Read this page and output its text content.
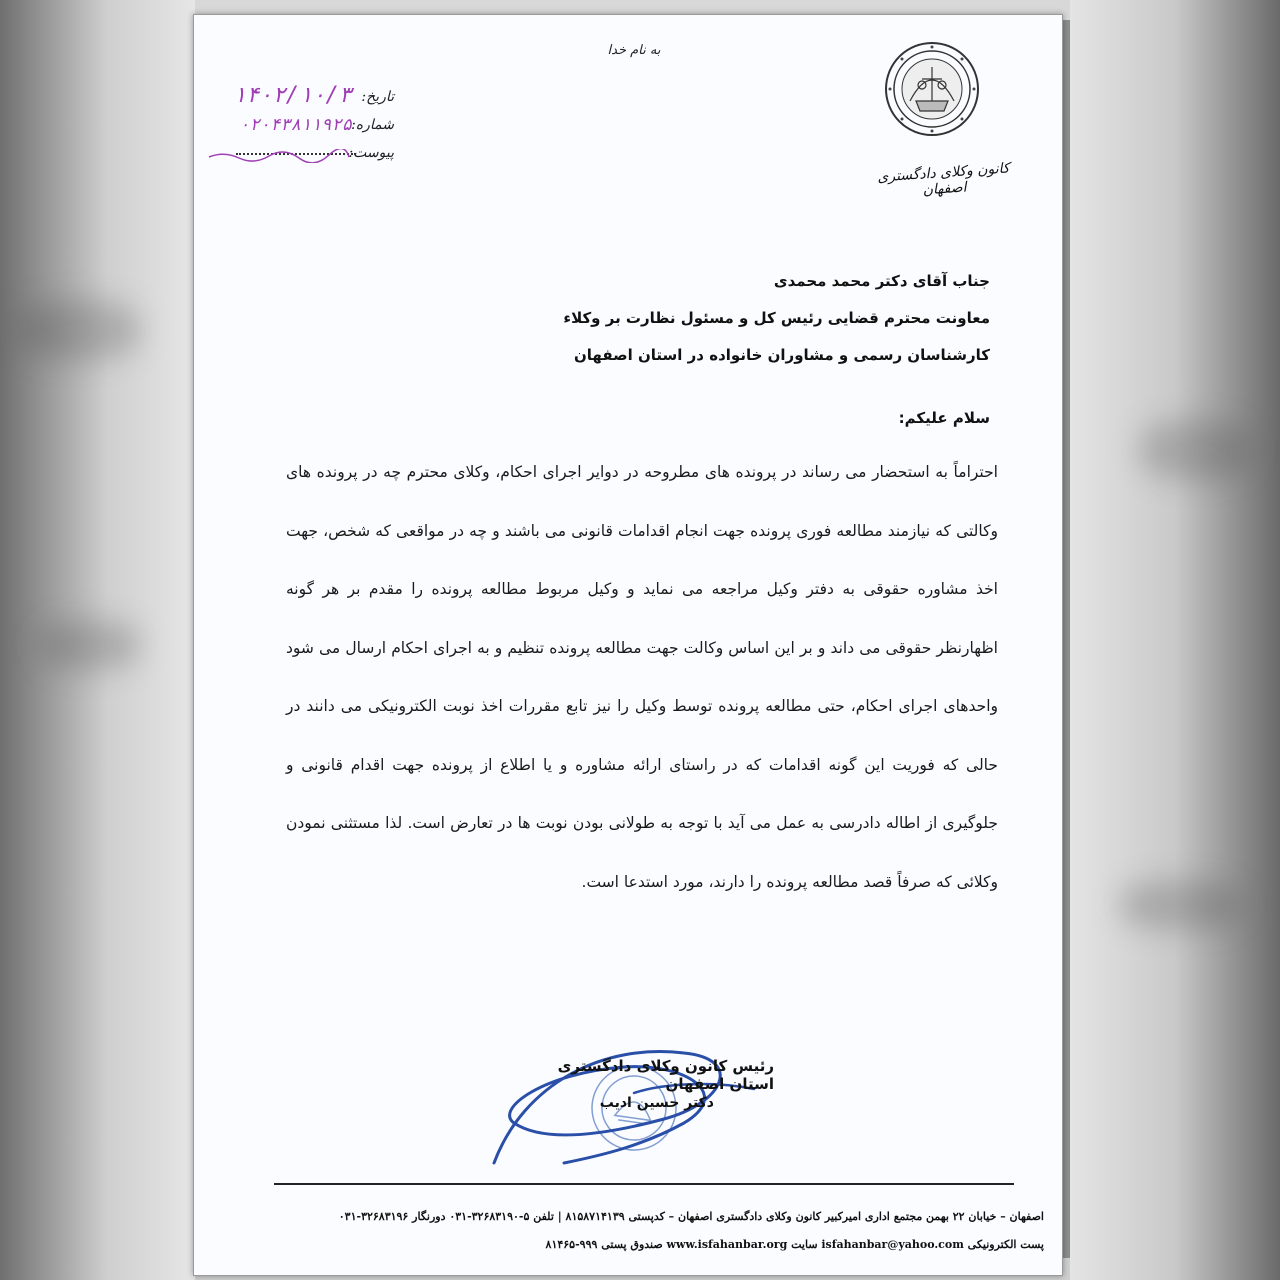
به نام خدا
کانون وکلای دادگستری اصفهان
تاریخ:
۱۴۰۲/۱۰/۳
شماره:
۰۲۰۴۳۸۱۱۹۲۵
پیوست:
جناب آقای دکتر محمد محمدی
معاونت محترم قضایی رئیس کل و مسئول نظارت بر وکلاء
کارشناسان رسمی و مشاوران خانواده در استان اصفهان
سلام علیکم:
احتراماً به استحضار می رساند در پرونده های مطروحه در دوایر اجرای احکام، وکلای محترم چه در پرونده های وکالتی که نیازمند مطالعه فوری پرونده جهت انجام اقدامات قانونی می باشند و چه در مواقعی که شخص، جهت اخذ مشاوره حقوقی به دفتر وکیل مراجعه می نماید و وکیل مربوط مطالعه پرونده را مقدم بر هر گونه اظهارنظر حقوقی می داند و بر این اساس وکالت جهت مطالعه پرونده تنظیم و به اجرای احکام ارسال می شود واحدهای اجرای احکام، حتی مطالعه پرونده توسط وکیل را نیز تابع مقررات اخذ نوبت الکترونیکی می دانند در حالی که فوریت این گونه اقدامات که در راستای ارائه مشاوره و یا اطلاع از پرونده جهت اقدام قانونی و جلوگیری از اطاله دادرسی به عمل می آید با توجه به طولانی بودن نوبت ها در تعارض است. لذا مستثنی نمودن وکلائی که صرفاً قصد مطالعه پرونده را دارند، مورد استدعا است.
رئیس کانون وکلای دادگستری استان اصفهان
دکتر حسین ادیب
اصفهان – خیابان ۲۲ بهمن مجتمع اداری امیرکبیر کانون وکلای دادگستری اصفهان – کدپستی ۸۱۵۸۷۱۴۱۳۹ | تلفن ۵-۳۲۶۸۳۱۹۰-۰۳۱ دورنگار ۳۲۶۸۳۱۹۶-۰۳۱
پست الکترونیکی isfahanbar@yahoo.com سایت www.isfahanbar.org صندوق پستی ۹۹۹-۸۱۴۶۵
